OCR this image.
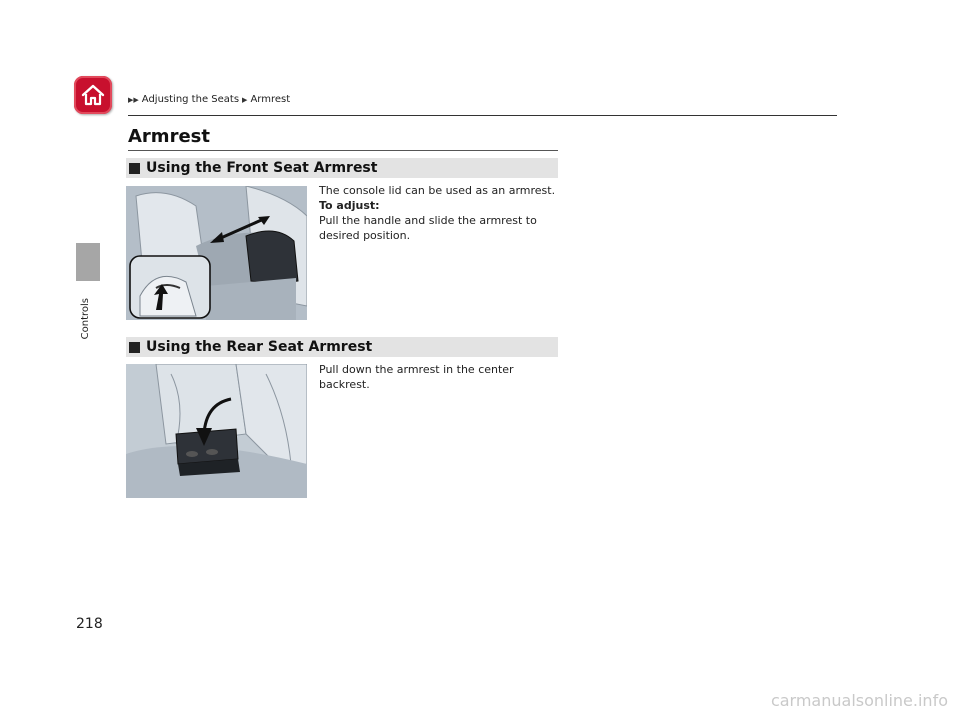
▶▶ Adjusting the Seats ▶ Armrest
Controls
Armrest
Using the Front Seat Armrest
The console lid can be used as an armrest.
To adjust:
Pull the handle and slide the armrest to
desired position.
Using the Rear Seat Armrest
Pull down the armrest in the center backrest.
218
carmanualsonline.info
